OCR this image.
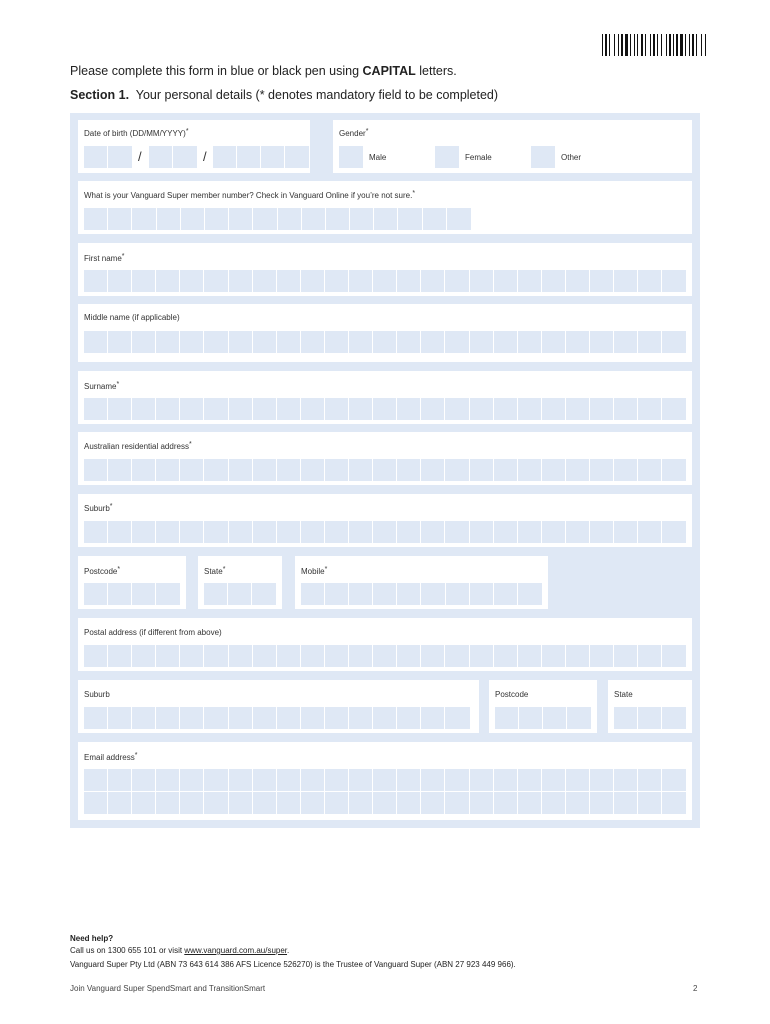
Please complete this form in blue or black pen using CAPITAL letters.
Section 1. Your personal details (* denotes mandatory field to be completed)
Date of birth (DD/MM/YYYY)*
/	/
Gender*
Male	Female	Other
What is your Vanguard Super member number? Check in Vanguard Online if you’re not sure.*
First name*
Middle name (if applicable)
Surname*
Australian residential address*
Suburb*
Postcode*	State*	Mobile*
Postal address (if different from above)
Suburb	Postcode	State
Email address*
Need help?
Call us on 1300 655 101 or visit www.vanguard.com.au/super.
Vanguard Super Pty Ltd (ABN 73 643 614 386 AFS Licence 526270) is the Trustee of Vanguard Super (ABN 27 923 449 966).
Join Vanguard Super SpendSmart and TransitionSmart	2
